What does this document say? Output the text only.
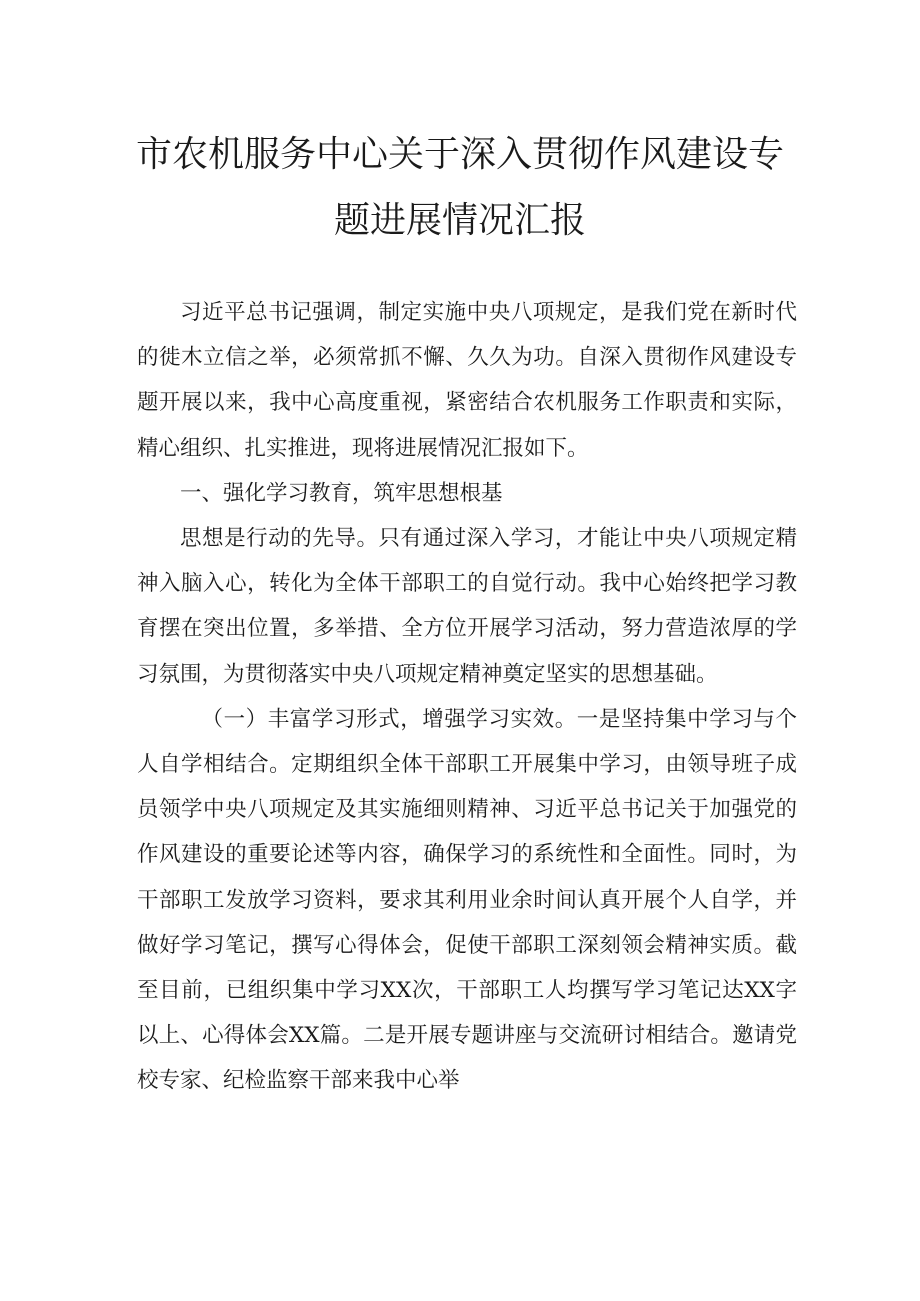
市农机服务中心关于深入贯彻作风建设专
题进展情况汇报

习近平总书记强调，制定实施中央八项规定，是我们党在新时代的徙木立信之举，必须常抓不懈、久久为功。自深入贯彻作风建设专题开展以来，我中心高度重视，紧密结合农机服务工作职责和实际，精心组织、扎实推进，现将进展情况汇报如下。

一、强化学习教育，筑牢思想根基

思想是行动的先导。只有通过深入学习，才能让中央八项规定精神入脑入心，转化为全体干部职工的自觉行动。我中心始终把学习教育摆在突出位置，多举措、全方位开展学习活动，努力营造浓厚的学习氛围，为贯彻落实中央八项规定精神奠定坚实的思想基础。

（一）丰富学习形式，增强学习实效。一是坚持集中学习与个人自学相结合。定期组织全体干部职工开展集中学习，由领导班子成员领学中央八项规定及其实施细则精神、习近平总书记关于加强党的作风建设的重要论述等内容，确保学习的系统性和全面性。同时，为干部职工发放学习资料，要求其利用业余时间认真开展个人自学，并做好学习笔记，撰写心得体会，促使干部职工深刻领会精神实质。截至目前，已组织集中学习XX次，干部职工人均撰写学习笔记达XX字以上、心得体会XX篇。二是开展专题讲座与交流研讨相结合。邀请党校专家、纪检监察干部来我中心举
